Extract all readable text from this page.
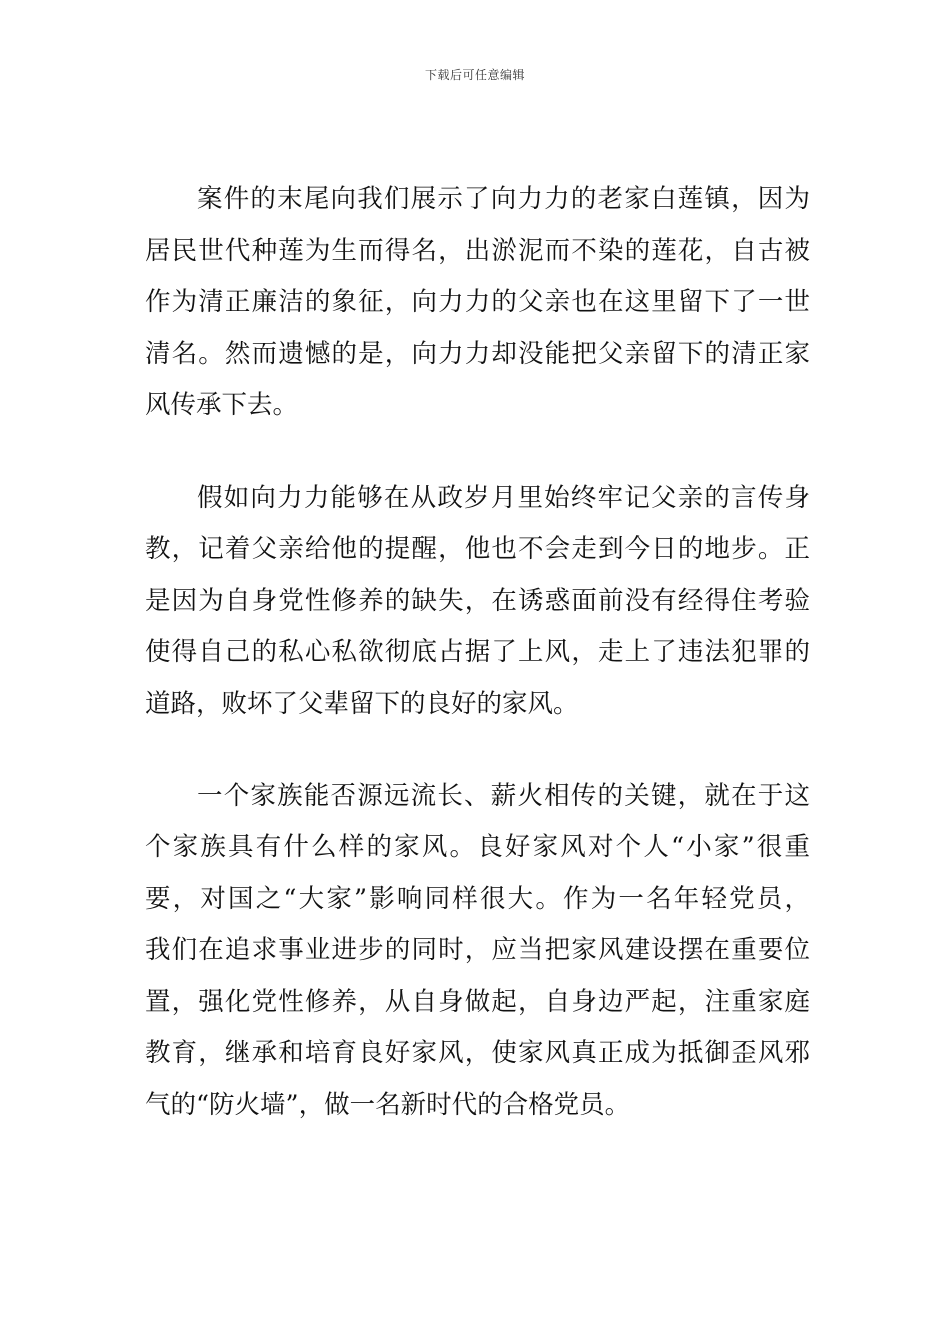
下载后可任意编辑
案件的末尾向我们展示了向力力的老家白莲镇，因为
居民世代种莲为生而得名，出淤泥而不染的莲花，自古被
作为清正廉洁的象征，向力力的父亲也在这里留下了一世
清名。然而遗憾的是，向力力却没能把父亲留下的清正家
风传承下去。
假如向力力能够在从政岁月里始终牢记父亲的言传身
教，记着父亲给他的提醒，他也不会走到今日的地步。正
是因为自身党性修养的缺失，在诱惑面前没有经得住考验
使得自己的私心私欲彻底占据了上风，走上了违法犯罪的
道路，败坏了父辈留下的良好的家风。
一个家族能否源远流长、薪火相传的关键，就在于这
个家族具有什么样的家风。良好家风对个人“小家”很重
要，对国之“大家”影响同样很大。作为一名年轻党员，
我们在追求事业进步的同时，应当把家风建设摆在重要位
置，强化党性修养，从自身做起，自身边严起，注重家庭
教育，继承和培育良好家风，使家风真正成为抵御歪风邪
气的“防火墙”，做一名新时代的合格党员。
